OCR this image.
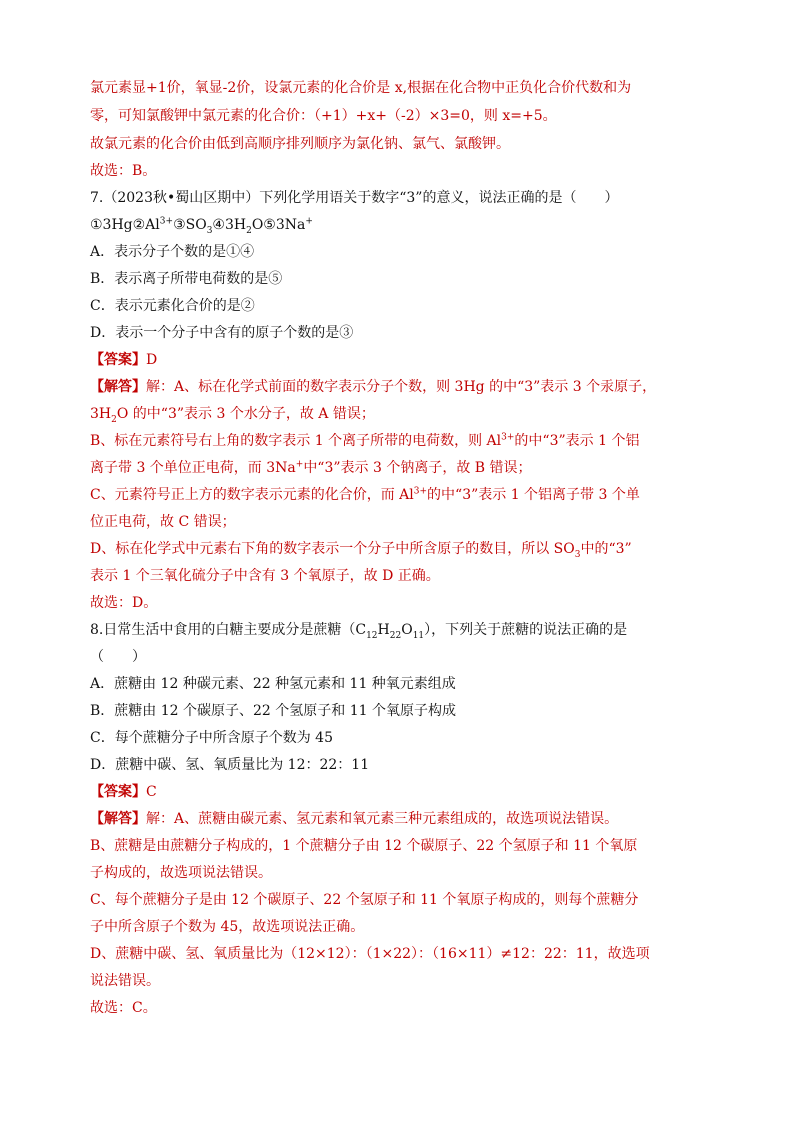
氯元素显+1价，氧显-2价，设氯元素的化合价是 x,根据在化合物中正负化合价代数和为
零，可知氯酸钾中氯元素的化合价：（+1）+x+（-2）×3=0，则 x=+5。
故氯元素的化合价由低到高顺序排列顺序为氯化钠、氯气、氯酸钾。
故选：B。
7.（2023秋•蜀山区期中）下列化学用语关于数字“3”的意义，说法正确的是（　　）
$①3Hg②Al^{3+}③SO_3④3H_2O⑤3Na^+$
A．表示分子个数的是①④
B．表示离子所带电荷数的是⑤
C．表示元素化合价的是②
D．表示一个分子中含有的原子个数的是③
【答案】D
【解答】解：A、标在化学式前面的数字表示分子个数，则 3Hg 的中“3”表示 3 个汞原子，
$3H_2O$ 的中“3”表示 3 个水分子，故 A 错误；
B、标在元素符号右上角的数字表示 1 个离子所带的电荷数，则 $Al^{3+}$的中“3”表示 1 个铝
离子带 3 个单位正电荷，而 3Na+中“3”表示 3 个钠离子，故 B 错误；
C、元素符号正上方的数字表示元素的化合价，而 $Al^{3+}$的中“3”表示 1 个铝离子带 3 个单
位正电荷，故 C 错误；
D、标在化学式中元素右下角的数字表示一个分子中所含原子的数目，所以 $SO_3$中的“3”
表示 1 个三氧化硫分子中含有 3 个氧原子，故 D 正确。
故选：D。
8.日常生活中食用的白糖主要成分是蔗糖$(C_{12}H_{22}O_{11})$，下列关于蔗糖的说法正确的是
（　　）
A．蔗糖由 12 种碳元素、22 种氢元素和 11 种氧元素组成
B．蔗糖由 12 个碳原子、22 个氢原子和 11 个氧原子构成
C．每个蔗糖分子中所含原子个数为 45
D．蔗糖中碳、氢、氧质量比为 12：22：11
【答案】C
【解答】解：A、蔗糖由碳元素、氢元素和氧元素三种元素组成的，故选项说法错误。
B、蔗糖是由蔗糖分子构成的，1 个蔗糖分子由 12 个碳原子、22 个氢原子和 11 个氧原
子构成的，故选项说法错误。
C、每个蔗糖分子是由 12 个碳原子、22 个氢原子和 11 个氧原子构成的，则每个蔗糖分
子中所含原子个数为 45，故选项说法正确。
D、蔗糖中碳、氢、氧质量比为（12×12）：（1×22）：（16×11）≠12：22：11，故选项
说法错误。
故选：C。
